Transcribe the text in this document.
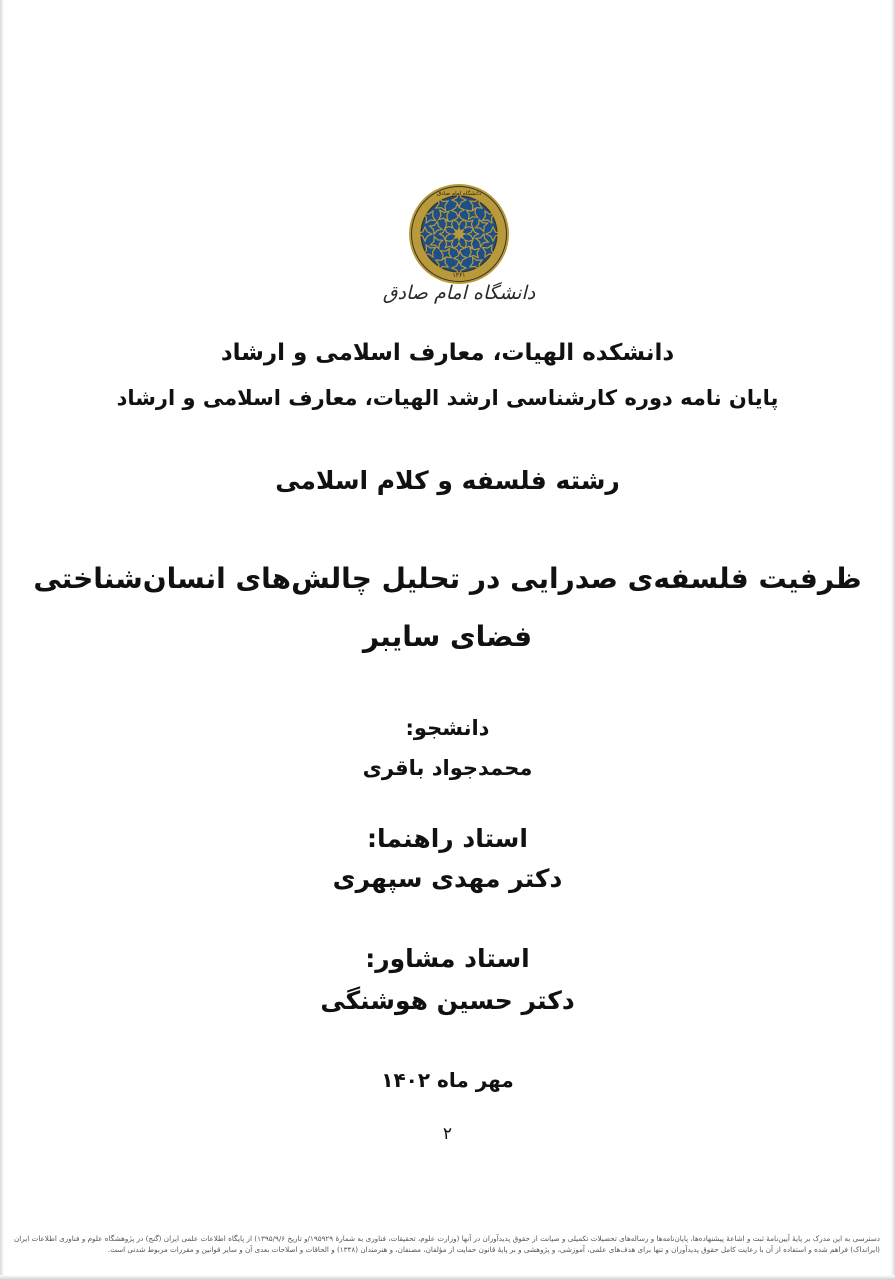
۱۳۶۱
دانشگاه امام صادق
دانشگاه امام صادق
دانشکده الهیات، معارف اسلامی و ارشاد
پایان نامه دوره کارشناسی ارشد الهیات، معارف اسلامی و ارشاد
رشته فلسفه و کلام اسلامی
ظرفیت فلسفه‌ی صدرایی در تحلیل چالش‌های انسان‌شناختی
فضای سایبر
دانشجو:
محمدجواد باقری
استاد راهنما:
دکتر مهدی سپهری
استاد مشاور:
دکتر حسین هوشنگی
مهر ماه ۱۴۰۲
۲
دسترسی به این مدرک بر پایهٔ آیین‌نامهٔ ثبت و اشاعهٔ پیشنهاده‌ها، پایان‌نامه‌ها و رساله‌های تحصیلات تکمیلی و صیانت از حقوق پدیدآوران در آنها (وزارت علوم، تحقیقات، فناوری به شمارهٔ ۱۹۵۹۲۹/و تاریخ ۱۳۹۵/۹/۶) از پایگاه اطلاعات علمی ایران (گنج) در پژوهشگاه علوم و فناوری اطلاعات ایران (ایرانداک) فراهم شده و استفاده از آن با رعایت کامل حقوق پدیدآوران و تنها برای هدف‌های علمی، آموزشی، و پژوهشی و بر پایهٔ قانون حمایت از مؤلفان، مصنفان، و هنرمندان (۱۳۴۸) و الحاقات و اصلاحات بعدی آن و سایر قوانین و مقررات مربوط شدنی است.
